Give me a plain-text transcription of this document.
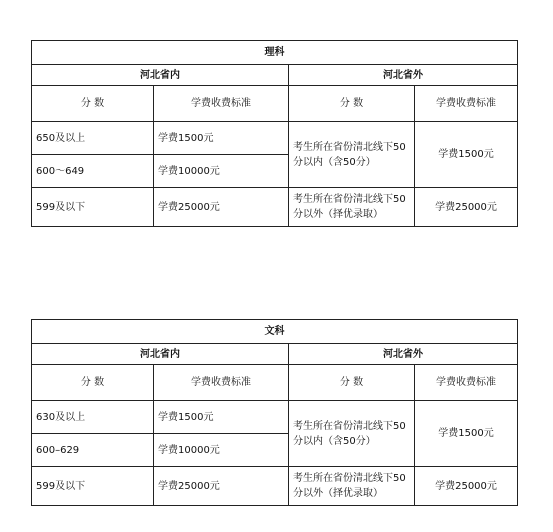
理科			
河北省内		河北省外	
分 数	学费收费标准	分 数	学费收费标准
650及以上	学费1500元	考生所在省份清北线下50分以内（含50分）	学费1500元
600～649	学费10000元		
599及以下	学费25000元	考生所在省份清北线下50分以外（择优录取）	学费25000元
文科			
河北省内		河北省外	
分 数	学费收费标准	分 数	学费收费标准
630及以上	学费1500元	考生所在省份清北线下50分以内（含50分）	学费1500元
600–629	学费10000元		
599及以下	学费25000元	考生所在省份清北线下50分以外（择优录取）	学费25000元
